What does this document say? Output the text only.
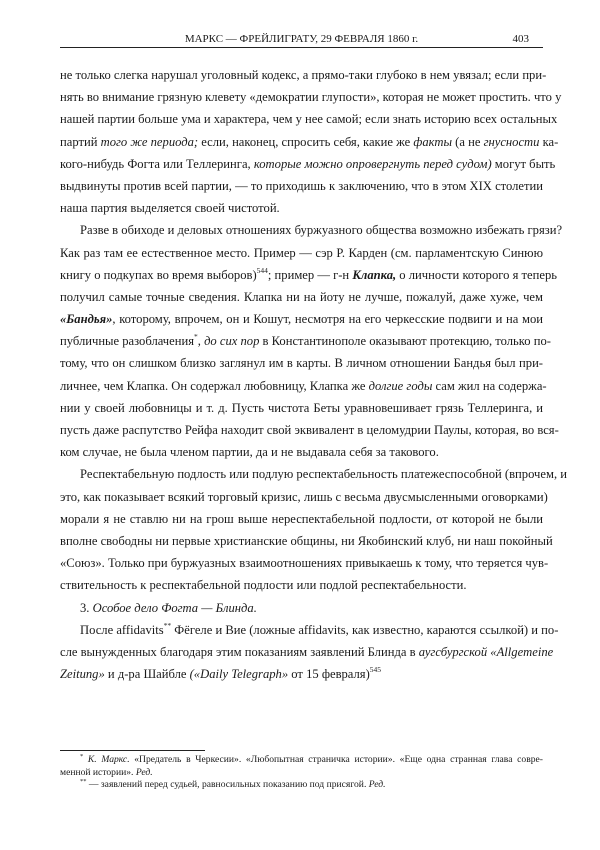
МАРКС — ФРЕЙЛИГРАТУ, 29 ФЕВРАЛЯ 1860 г.	403
не только слегка нарушал уголовный кодекс, а прямо-таки глубоко в нем увязал; если при-
нять во внимание грязную клевету «демократии глупости», которая не может простить. что у
нашей партии больше ума и характера, чем у нее самой; если знать историю всех остальных
партий того же периода; если, наконец, спросить себя, какие же факты (а не гнусности ка-
кого-нибудь Фогта или Теллеринга, которые можно опровергнуть перед судом) могут быть
выдвинуты против всей партии, — то приходишь к заключению, что в этом XIX столетии
наша партия выделяется своей чистотой.
Разве в обиходе и деловых отношениях буржуазного общества возможно избежать грязи?
Как раз там ее естественное место. Пример — сэр Р. Карден (см. парламентскую Синюю
книгу о подкупах во время выборов)$^{544}$; пример — г-н Клапка, о личности которого я теперь
получил самые точные сведения. Клапка ни на йоту не лучше, пожалуй, даже хуже, чем
«Бандья», которому, впрочем, он и Кошут, несмотря на его черкесские подвиги и на мои
публичные разоблачения*, до сих пор в Константинополе оказывают протекцию, только по-
тому, что он слишком близко заглянул им в карты. В личном отношении Бандья был при-
личнее, чем Клапка. Он содержал любовницу, Клапка же долгие годы сам жил на содержа-
нии у своей любовницы и т. д. Пусть чистота Беты уравновешивает грязь Теллеринга, и
пусть даже распутство Рейфа находит свой эквивалент в целомудрии Паулы, которая, во вся-
ком случае, не была членом партии, да и не выдавала себя за такового.
Респектабельную подлость или подлую респектабельность платежеспособной (впрочем, и
это, как показывает всякий торговый кризис, лишь с весьма двусмысленными оговорками)
морали я не ставлю ни на грош выше нереспектабельной подлости, от которой не были
вполне свободны ни первые христианские общины, ни Якобинский клуб, ни наш покойный
«Союз». Только при буржуазных взаимоотношениях привыкаешь к тому, что теряется чув-
ствительность к респектабельной подлости или подлой респектабельности.
3. Особое дело Фогта — Блинда.
После affidavits** Фёгеле и Вие (ложные affidavits, как известно, караются ссылкой) и по-
сле вынужденных благодаря этим показаниям заявлений Блинда в аугсбургской «Allgemeine
Zeitung» и д-ра Шайбле («Daily Telegraph» от 15 февраля)$^{545}$
* К. Маркс. «Предатель в Черкесии». «Любопытная страничка истории». «Еще одна странная глава совре-
менной истории». Ред.
** — заявлений перед судьей, равносильных показанию под присягой. Ред.
